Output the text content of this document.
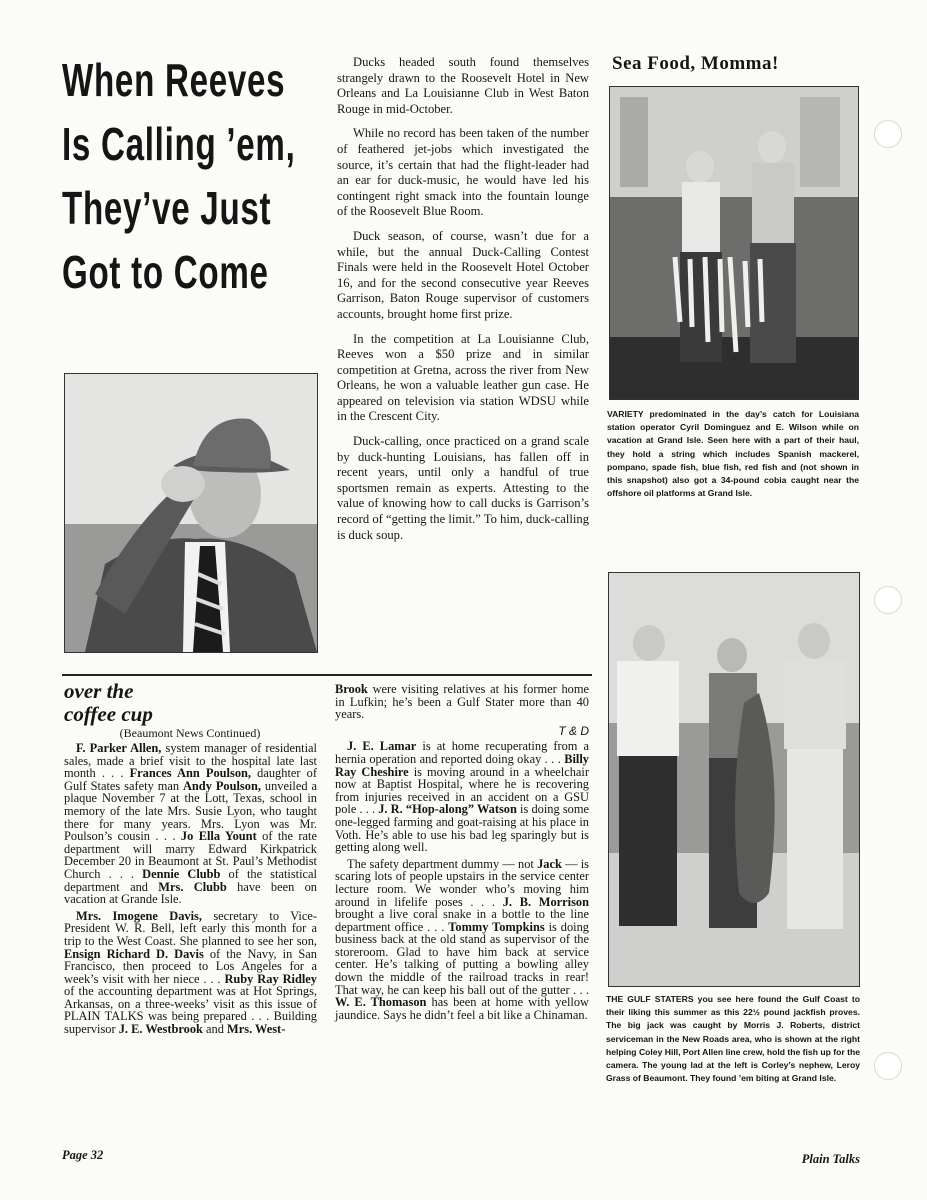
When Reeves
Is Calling ’em,
They’ve Just
Got to Come

Ducks headed south found themselves strangely drawn to the Roosevelt Hotel in New Orleans and La Louisianne Club in West Baton Rouge in mid-October.

While no record has been taken of the number of feathered jet-jobs which investigated the source, it’s certain that had the flight-leader had an ear for duck-music, he would have led his contingent right smack into the fountain lounge of the Roosevelt Blue Room.

Duck season, of course, wasn’t due for a while, but the annual Duck-Calling Contest Finals were held in the Roosevelt Hotel October 16, and for the second consecutive year Reeves Garrison, Baton Rouge supervisor of customers accounts, brought home first prize.

In the competition at La Louisianne Club, Reeves won a $50 prize and in similar competition at Gretna, across the river from New Orleans, he won a valuable leather gun case. He appeared on television via station WDSU while in the Crescent City.

Duck-calling, once practiced on a grand scale by duck-hunting Louisians, has fallen off in recent years, until only a handful of true sportsmen remain as experts. Attesting to the value of knowing how to call ducks is Garrison’s record of “getting the limit.” To him, duck-calling is duck soup.

Sea Food, Momma!
VARIETY predominated in the day’s catch for Louisiana station operator Cyril Dominguez and E. Wilson while on vacation at Grand Isle. Seen here with a part of their haul, they hold a string which includes Spanish mackerel, pompano, spade fish, blue fish, red fish and (not shown in this snapshot) also got a 34-pound cobia caught near the offshore oil platforms at Grand Isle.
THE GULF STATERS you see here found the Gulf Coast to their liking this summer as this 22½ pound jackfish proves. The big jack was caught by Morris J. Roberts, district serviceman in the New Roads area, who is shown at the right helping Coley Hill, Port Allen line crew, hold the fish up for the camera. The young lad at the left is Corley’s nephew, Leroy Grass of Beaumont. They found ’em biting at Grand Isle.
over the
coffee cup
(Beaumont News Continued)

F. Parker Allen, system manager of residential sales, made a brief visit to the hospital late last month . . . Frances Ann Poulson, daughter of Gulf States safety man Andy Poulson, unveiled a plaque November 7 at the Lott, Texas, school in memory of the late Mrs. Susie Lyon, who taught there for many years. Mrs. Lyon was Mr. Poulson’s cousin . . . Jo Ella Yount of the rate department will marry Edward Kirkpatrick December 20 in Beaumont at St. Paul’s Methodist Church . . . Dennie Clubb of the statistical department and Mrs. Clubb have been on vacation at Grande Isle.

Mrs. Imogene Davis, secretary to Vice-President W. R. Bell, left early this month for a trip to the West Coast. She planned to see her son, Ensign Richard D. Davis of the Navy, in San Francisco, then proceed to Los Angeles for a week’s visit with her niece . . . Ruby Ray Ridley of the accounting department was at Hot Springs, Arkansas, on a three-weeks’ visit as this issue of PLAIN TALKS was being prepared . . . Building supervisor J. E. Westbrook and Mrs. West-

Brook were visiting relatives at his former home in Lufkin; he’s been a Gulf Stater more than 40 years.

T & D

J. E. Lamar is at home recuperating from a hernia operation and reported doing okay . . . Billy Ray Cheshire is moving around in a wheelchair now at Baptist Hospital, where he is recovering from injuries received in an accident on a GSU pole . . . J. R. “Hop-along” Watson is doing some one-legged farming and goat-raising at his place in Voth. He’s able to use his bad leg sparingly but is getting along well.

The safety department dummy — not Jack — is scaring lots of people upstairs in the service center lecture room. We wonder who’s moving him around in lifelife poses . . . J. B. Morrison brought a live coral snake in a bottle to the line department office . . . Tommy Tompkins is doing business back at the old stand as supervisor of the storeroom. Glad to have him back at service center. He’s talking of putting a bowling alley down the middle of the railroad tracks in rear! That way, he can keep his ball out of the gutter . . . W. E. Thomason has been at home with yellow jaundice. Says he didn’t feel a bit like a Chinaman.

Page 32	Plain Talks
